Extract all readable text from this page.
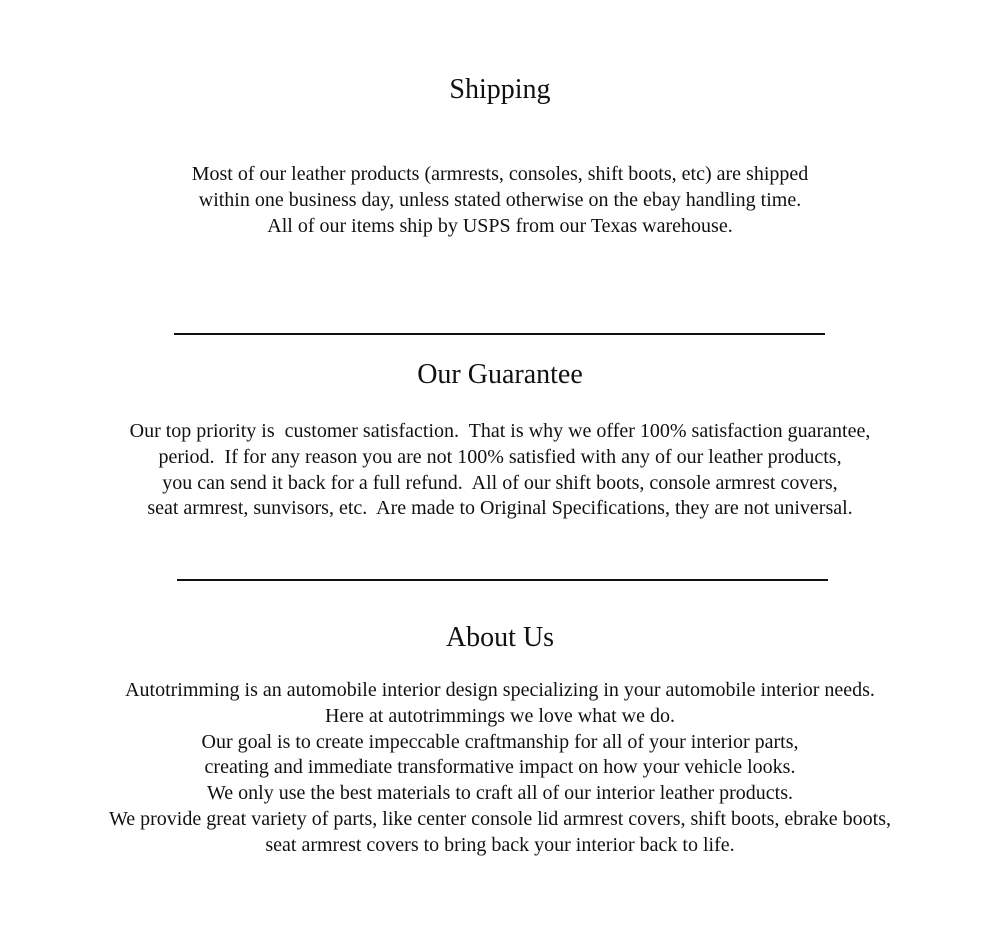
Shipping

Most of our leather products (armrests, consoles, shift boots, etc) are shipped
within one business day, unless stated otherwise on the ebay handling time.
All of our items ship by USPS from our Texas warehouse.

Our Guarantee

Our top priority is  customer satisfaction.  That is why we offer 100% satisfaction guarantee,
period.  If for any reason you are not 100% satisfied with any of our leather products,
you can send it back for a full refund.  All of our shift boots, console armrest covers,
seat armrest, sunvisors, etc.  Are made to Original Specifications, they are not universal.

About Us

Autotrimming is an automobile interior design specializing in your automobile interior needs.
Here at autotrimmings we love what we do.
Our goal is to create impeccable craftmanship for all of your interior parts,
creating and immediate transformative impact on how your vehicle looks.
We only use the best materials to craft all of our interior leather products.
We provide great variety of parts, like center console lid armrest covers, shift boots, ebrake boots,
seat armrest covers to bring back your interior back to life.
